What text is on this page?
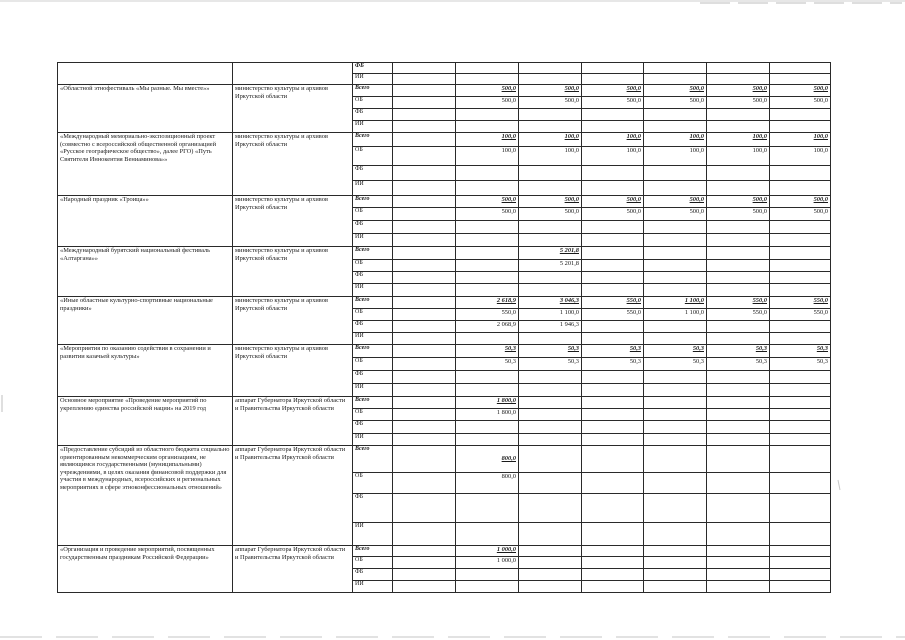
		ФБ							
		ИИ							
«Областной этнофестиваль «Мы разные. Мы вместе»»	министерство культуры и архивов Иркутской области	Всего		500,0	500,0	500,0	500,0	500,0	500,0
		ОБ		500,0	500,0	500,0	500,0	500,0	500,0
		ФБ							
		ИИ							
«Международный мемориально-экспозиционный проект (совместно с всероссийской общественной организацией «Русское географическое общество», далее РГО) «Путь Святителя Иннокентия Вениаминова»»	министерство культуры и архивов Иркутской области	Всего		100,0	100,0	100,0	100,0	100,0	100,0
		ОБ		100,0	100,0	100,0	100,0	100,0	100,0
		ФБ							
		ИИ							
«Народный праздник «Троица»»	министерство культуры и архивов Иркутской области	Всего		500,0	500,0	500,0	500,0	500,0	500,0
		ОБ		500,0	500,0	500,0	500,0	500,0	500,0
		ФБ							
		ИИ							
«Международный бурятский национальный фестиваль «Алтаргана»»	министерство культуры и архивов Иркутской области	Всего			5 201,8				
		ОБ			5 201,8				
		ФБ							
		ИИ							
«Иные областные культурно-спортивные национальные праздники»	министерство культуры и архивов Иркутской области	Всего		2 618,9	3 046,3	550,0	1 100,0	550,0	550,0
		ОБ		550,0	1 100,0	550,0	1 100,0	550,0	550,0
		ФБ		2 068,9	1 946,3				
		ИИ							
«Мероприятия по оказанию содействия в сохранении и развитии казачьей культуры»	министерство культуры и архивов Иркутской области	Всего		50,3	50,3	50,3	50,3	50,3	50,3
		ОБ		50,3	50,3	50,3	50,3	50,3	50,3
		ФБ							
		ИИ							
Основное мероприятие «Проведение мероприятий по укреплению единства российской нации» на 2019 год	аппарат Губернатора Иркутской области и Правительства Иркутской области	Всего		1 800,0					
		ОБ		1 800,0					
		ФБ							
		ИИ							
«Предоставление субсидий из областного бюджета социально ориентированным некоммерческим организациям, не являющимся государственными (муниципальными) учреждениями, в целях оказания финансовой поддержки для участия в международных, всероссийских и региональных мероприятиях в сфере этноконфессиональных отношений»	аппарат Губернатора Иркутской области и Правительства Иркутской области	Всего		800,0					
		ОБ		800,0					
		ФБ							
		ИИ							
«Организация и проведение мероприятий, посвященных государственным праздникам Российской Федерации»	аппарат Губернатора Иркутской области и Правительства Иркутской области	Всего		1 000,0					
		ОБ		1 000,0					
		ФБ							
		ИИ							
